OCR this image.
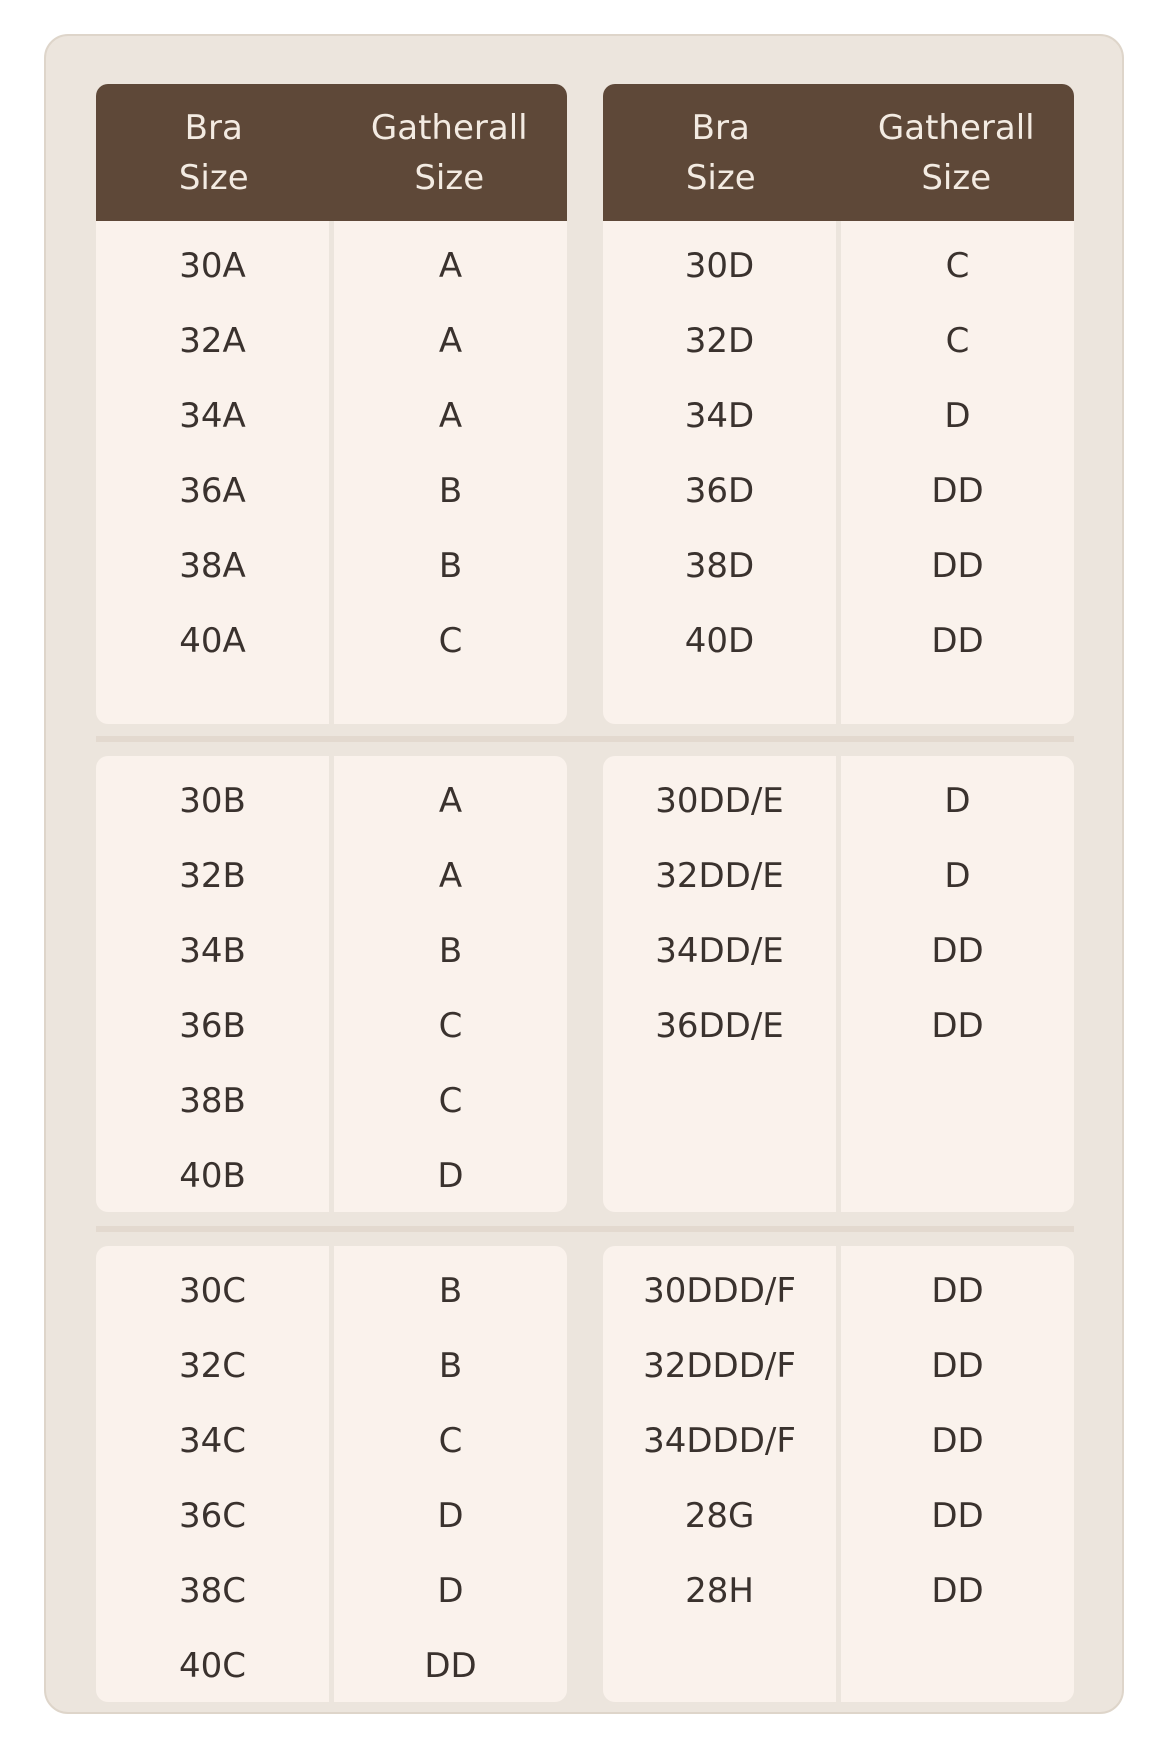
Bra
Size
Gatherall
Size
30A
32A
34A
36A
38A
40A
A
A
A
B
B
C
Bra
Size
Gatherall
Size
30D
32D
34D
36D
38D
40D
C
C
D
DD
DD
DD
30B
32B
34B
36B
38B
40B
A
A
B
C
C
D
30DD/E
32DD/E
34DD/E
36DD/E
D
D
DD
DD
30C
32C
34C
36C
38C
40C
B
B
C
D
D
DD
30DDD/F
32DDD/F
34DDD/F
28G
28H
DD
DD
DD
DD
DD
